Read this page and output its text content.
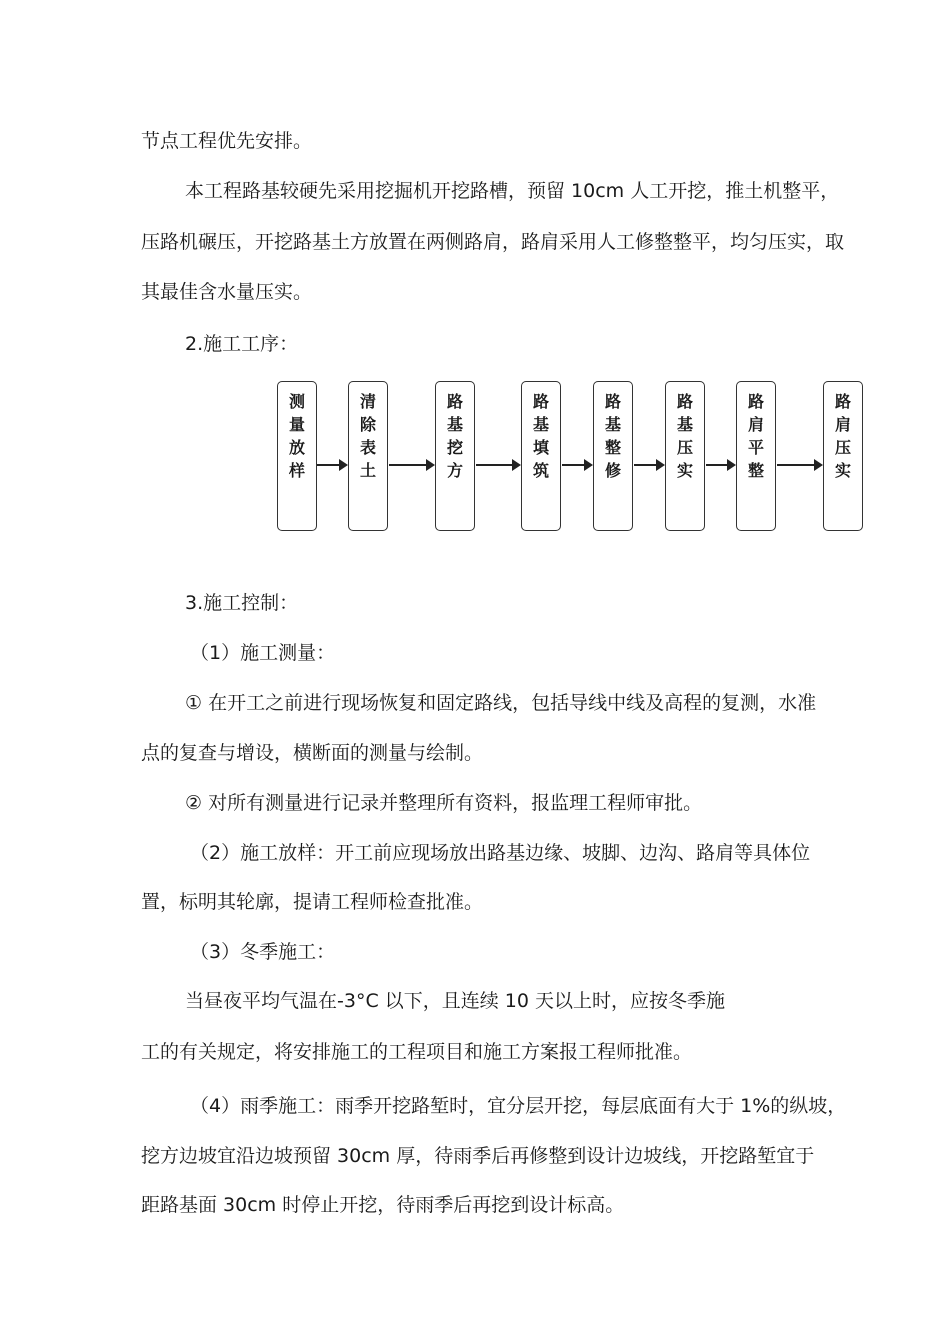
节点工程优先安排。
本工程路基较硬先采用挖掘机开挖路槽，预留 10cm 人工开挖，推土机整平，
压路机碾压，开挖路基土方放置在两侧路肩，路肩采用人工修整整平，均匀压实，取
其最佳含水量压实。
2.施工工序：
测
量
放
样
清
除
表
土
路
基
挖
方
路
基
填
筑
路
基
整
修
路
基
压
实
路
肩
平
整
路
肩
压
实
3.施工控制：
（1）施工测量：
① 在开工之前进行现场恢复和固定路线，包括导线中线及高程的复测，水准
点的复查与增设，横断面的测量与绘制。
② 对所有测量进行记录并整理所有资料，报监理工程师审批。
（2）施工放样：开工前应现场放出路基边缘、坡脚、边沟、路肩等具体位
置，标明其轮廓，提请工程师检查批准。
（3）冬季施工：
当昼夜平均气温在-3°C 以下，且连续 10 天以上时，应按冬季施
工的有关规定，将安排施工的工程项目和施工方案报工程师批准。
（4）雨季施工：雨季开挖路堑时，宜分层开挖，每层底面有大于 1%的纵坡，
挖方边坡宜沿边坡预留 30cm 厚，待雨季后再修整到设计边坡线，开挖路堑宜于
距路基面 30cm 时停止开挖，待雨季后再挖到设计标高。
